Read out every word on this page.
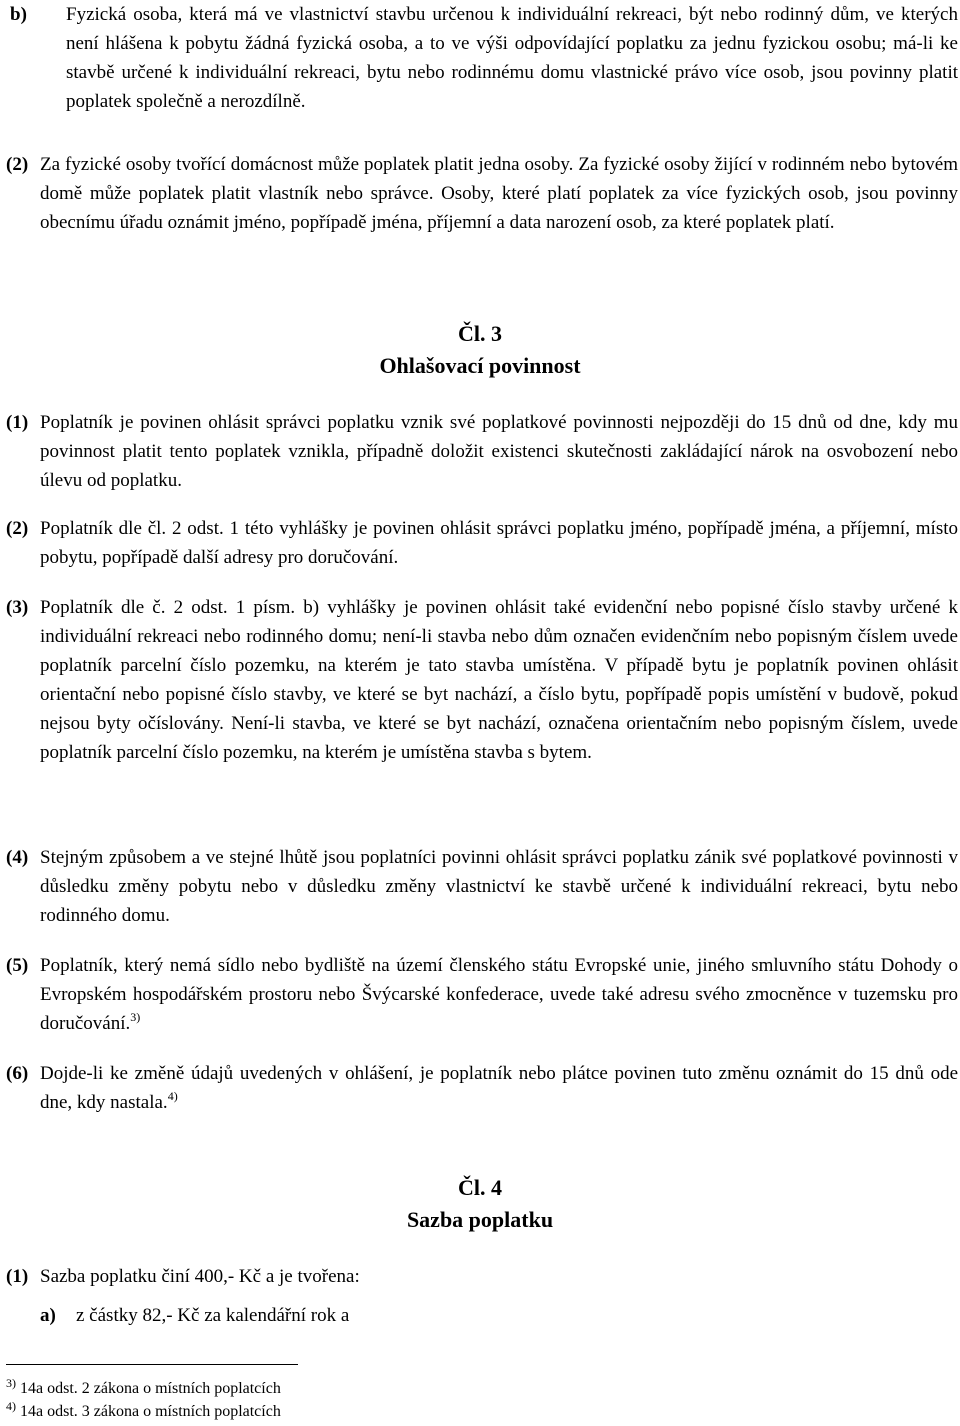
b) Fyzická osoba, která má ve vlastnictví stavbu určenou k individuální rekreaci, být nebo rodinný dům, ve kterých není hlášena k pobytu žádná fyzická osoba, a to ve výši odpovídající poplatku za jednu fyzickou osobu; má-li ke stavbě určené k individuální rekreaci, bytu nebo rodinnému domu vlastnické právo více osob, jsou povinny platit poplatek společně a nerozdílně.
(2) Za fyzické osoby tvořící domácnost může poplatek platit jedna osoby. Za fyzické osoby žijící v rodinném nebo bytovém domě může poplatek platit vlastník nebo správce. Osoby, které platí poplatek za více fyzických osob, jsou povinny obecnímu úřadu oznámit jméno, popřípadě jména, příjemní a data narození osob, za které poplatek platí.
Čl. 3
Ohlašovací povinnost
(1) Poplatník je povinen ohlásit správci poplatku vznik své poplatkové povinnosti nejpozději do 15 dnů od dne, kdy mu povinnost platit tento poplatek vznikla, případně doložit existenci skutečnosti zakládající nárok na osvobození nebo úlevu od poplatku.
(2) Poplatník dle čl. 2 odst. 1 této vyhlášky je povinen ohlásit správci poplatku jméno, popřípadě jména, a příjemní, místo pobytu, popřípadě další adresy pro doručování.
(3) Poplatník dle č. 2 odst. 1 písm. b) vyhlášky je povinen ohlásit také evidenční nebo popisné číslo stavby určené k individuální rekreaci nebo rodinného domu; není-li stavba nebo dům označen evidenčním nebo popisným číslem uvede poplatník parcelní číslo pozemku, na kterém je tato stavba umístěna. V případě bytu je poplatník povinen ohlásit orientační nebo popisné číslo stavby, ve které se byt nachází, a číslo bytu, popřípadě popis umístění v budově, pokud nejsou byty očíslovány. Není-li stavba, ve které se byt nachází, označena orientačním nebo popisným číslem, uvede poplatník parcelní číslo pozemku, na kterém je umístěna stavba s bytem.
(4) Stejným způsobem a ve stejné lhůtě jsou poplatníci povinni ohlásit správci poplatku zánik své poplatkové povinnosti v důsledku změny pobytu nebo v důsledku změny vlastnictví ke stavbě určené k individuální rekreaci, bytu nebo rodinného domu.
(5) Poplatník, který nemá sídlo nebo bydliště na území členského státu Evropské unie, jiného smluvního státu Dohody o Evropském hospodářském prostoru nebo Švýcarské konfederace, uvede také adresu svého zmocněnce v tuzemsku pro doručování.$^{3)}$
(6) Dojde-li ke změně údajů uvedených v ohlášení, je poplatník nebo plátce povinen tuto změnu oznámit do 15 dnů ode dne, kdy nastala.$^{4)}$
Čl. 4
Sazba poplatku
(1) Sazba poplatku činí 400,- Kč a je tvořena:
a) z částky 82,- Kč za kalendářní rok a
$^{3)}$ 14a odst. 2 zákona o místních poplatcích
$^{4)}$ 14a odst. 3 zákona o místních poplatcích
